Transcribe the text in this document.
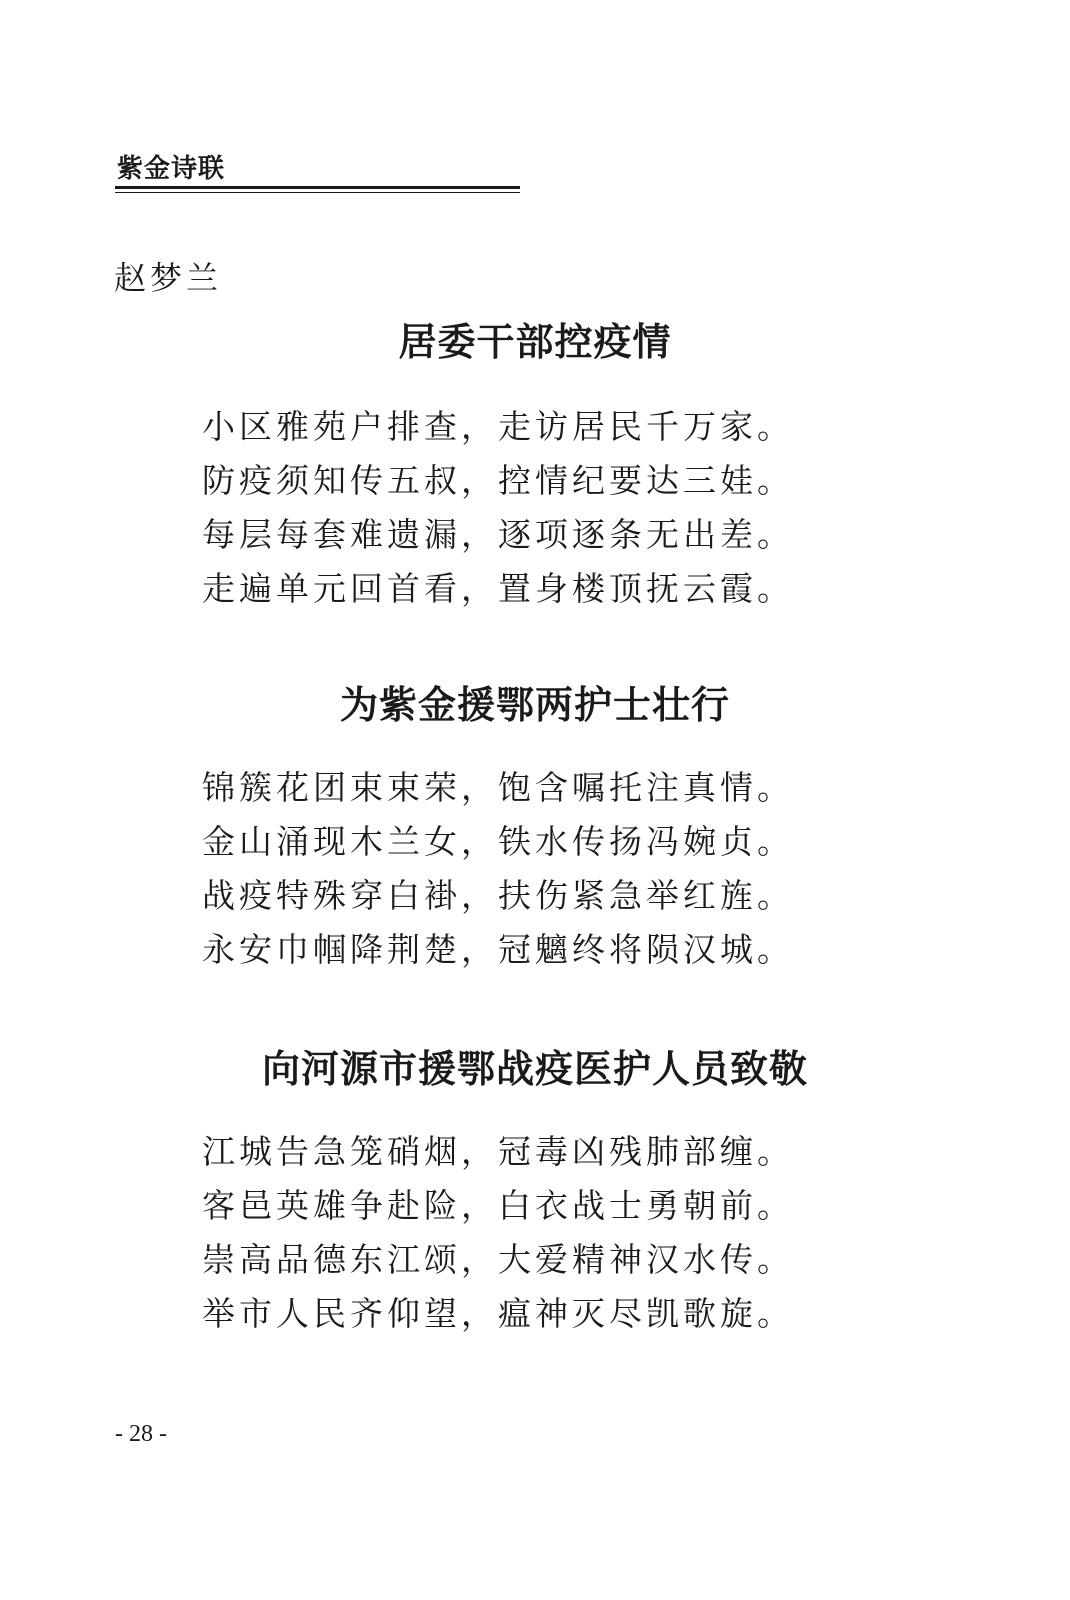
紫金诗联
赵梦兰
居委干部控疫情
小区雅苑户排查，走访居民千万家。
防疫须知传五叔，控情纪要达三娃。
每层每套难遗漏，逐项逐条无出差。
走遍单元回首看，置身楼顶抚云霞。
为紫金援鄂两护士壮行
锦簇花团束束荣，饱含嘱托注真情。
金山涌现木兰女，铁水传扬冯婉贞。
战疫特殊穿白褂，扶伤紧急举红旌。
永安巾帼降荆楚，冠魑终将陨汉城。
向河源市援鄂战疫医护人员致敬
江城告急笼硝烟，冠毒凶残肺部缠。
客邑英雄争赴险，白衣战士勇朝前。
崇高品德东江颂，大爱精神汉水传。
举市人民齐仰望，瘟神灭尽凯歌旋。
- 28 -
